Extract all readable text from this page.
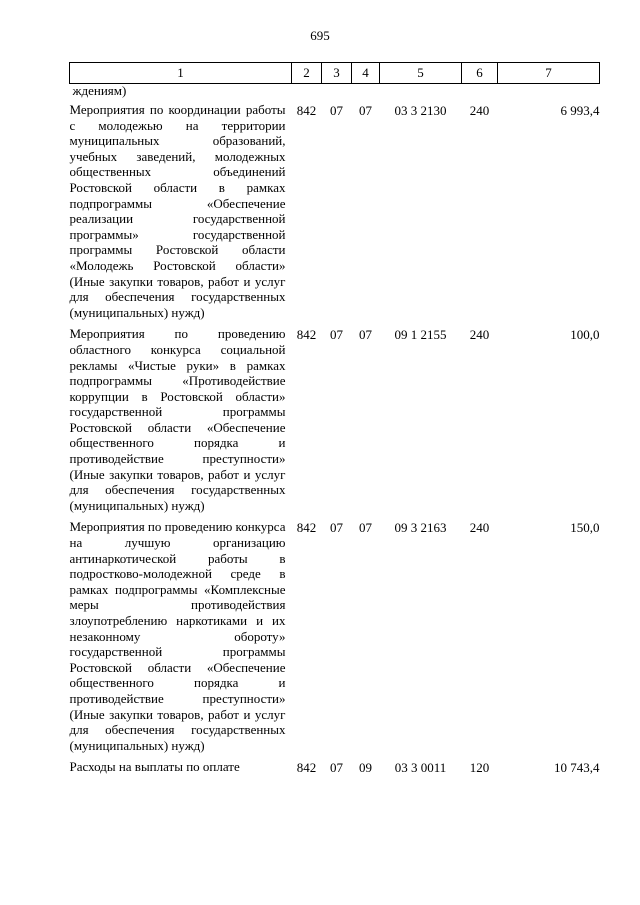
695
1	2	3	4	5	6	7
ждениям)						
Мероприятия по координации работы с молодежью на территории муниципальных образований, учебных заведений, молодежных общественных объединений Ростовской области в рамках подпрограммы «Обеспечение реализации государственной программы» государственной программы Ростовской области «Молодежь Ростовской области» (Иные закупки товаров, работ и услуг для обеспечения государственных (муниципальных) нужд)	842	07	07	03 3 2130	240	6 993,4
Мероприятия по проведению областного конкурса социальной рекламы «Чистые руки» в рамках подпрограммы «Противодействие коррупции в Ростовской области» государственной программы Ростовской области «Обеспечение общественного порядка и противодействие преступности» (Иные закупки товаров, работ и услуг для обеспечения государственных (муниципальных) нужд)	842	07	07	09 1 2155	240	100,0
Мероприятия по проведению конкурса на лучшую организацию антинаркотической работы в подростково-молодежной среде в рамках подпрограммы «Комплексные меры противодействия злоупотреблению наркотиками и их незаконному обороту» государственной программы Ростовской области «Обеспечение общественного порядка и противодействие преступности» (Иные закупки товаров, работ и услуг для обеспечения государственных (муниципальных) нужд)	842	07	07	09 3 2163	240	150,0
Расходы на выплаты по оплате	842	07	09	03 3 0011	120	10 743,4
